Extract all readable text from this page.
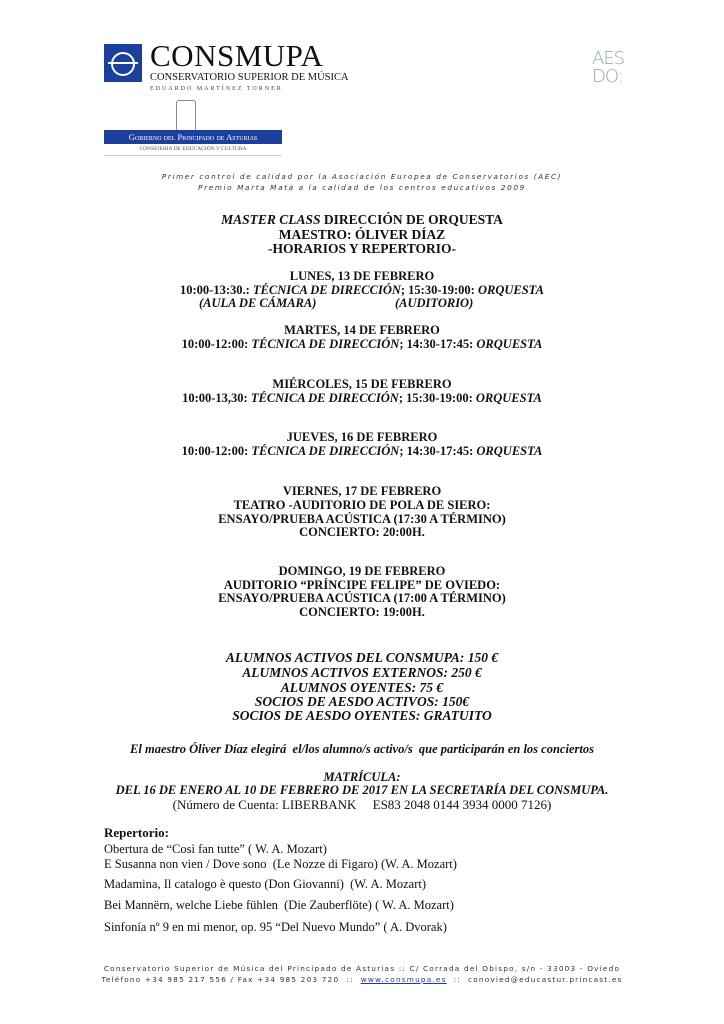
CONSMUPA
CONSERVATORIO SUPERIOR DE MÚSICA
EDUARDO MARTÍNEZ TORNER
Gobierno del Principado de Asturias
CONSEJERÍA DE EDUCACIÓN Y CULTURA
AES DO:
Primer control de calidad por la Asociación Europea de Conservatorios (AEC)
Premio Marta Mata a la calidad de los centros educativos 2009
MASTER CLASS DIRECCIÓN DE ORQUESTA
MAESTRO: ÓLIVER DÍAZ
-HORARIOS Y REPERTORIO-
LUNES, 13 DE FEBRERO
10:00-13:30.: TÉCNICA DE DIRECCIÓN; 15:30-19:00: ORQUESTA
(AULA DE CÁMARA)	(AUDITORIO)
MARTES, 14 DE FEBRERO
10:00-12:00: TÉCNICA DE DIRECCIÓN; 14:30-17:45: ORQUESTA
MIÉRCOLES, 15 DE FEBRERO
10:00-13,30: TÉCNICA DE DIRECCIÓN; 15:30-19:00: ORQUESTA
JUEVES, 16 DE FEBRERO
10:00-12:00: TÉCNICA DE DIRECCIÓN; 14:30-17:45: ORQUESTA
VIERNES, 17 DE FEBRERO
TEATRO -AUDITORIO DE POLA DE SIERO:
ENSAYO/PRUEBA ACÚSTICA (17:30 A TÉRMINO)
CONCIERTO: 20:00H.
DOMINGO, 19 DE FEBRERO
AUDITORIO “PRÍNCIPE FELIPE” DE OVIEDO:
ENSAYO/PRUEBA ACÚSTICA (17:00 A TÉRMINO)
CONCIERTO: 19:00H.
ALUMNOS ACTIVOS DEL CONSMUPA: 150 €
ALUMNOS ACTIVOS EXTERNOS: 250 €
ALUMNOS OYENTES: 75 €
SOCIOS DE AESDO ACTIVOS: 150€
SOCIOS DE AESDO OYENTES: GRATUITO
El maestro Óliver Díaz elegirá  el/los alumno/s activo/s  que participarán en los conciertos
MATRÍCULA:
DEL 16 DE ENERO AL 10 DE FEBRERO DE 2017 EN LA SECRETARÍA DEL CONSMUPA.
(Número de Cuenta: LIBERBANK     ES83 2048 0144 3934 0000 7126)
Repertorio:
Obertura de “Così fan tutte” ( W. A. Mozart)
E Susanna non vien / Dove sono  (Le Nozze di Figaro) (W. A. Mozart)
Madamina, Il catalogo è questo (Don Giovanni)  (W. A. Mozart)
Bei Mannërn, welche Liebe fühlen  (Die Zauberflöte) ( W. A. Mozart)
Sinfonía nº 9 en mi menor, op. 95 “Del Nuevo Mundo” ( A. Dvorak)
Conservatorio Superior de Música del Principado de Asturias :: C/ Corrada del Obispo, s/n - 33003 - Oviedo
Teléfono +34 985 217 556 / Fax +34 985 203 720  ::  www.consmupa.es  ::  conovied@educastur.princast.es
